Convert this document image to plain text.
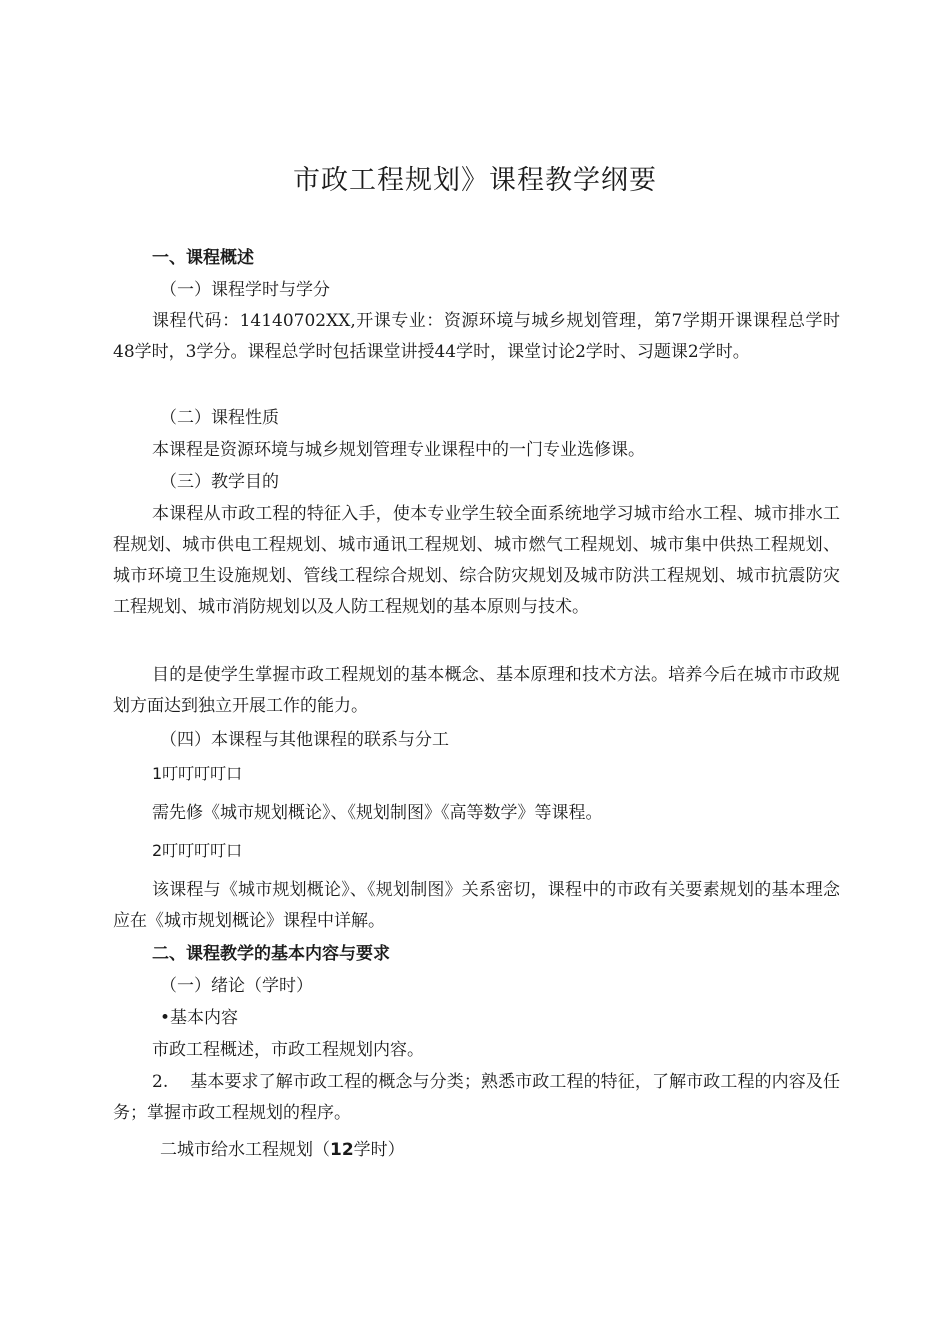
市政工程规划》课程教学纲要

一、课程概述

（一）课程学时与学分

课程代码：14140702XX,开课专业：资源环境与城乡规划管理，第7学期开课课程总学时48学时，3学分。课程总学时包括课堂讲授44学时，课堂讨论2学时、习题课2学时。

（二）课程性质

本课程是资源环境与城乡规划管理专业课程中的一门专业选修课。

（三）教学目的

本课程从市政工程的特征入手，使本专业学生较全面系统地学习城市给水工程、城市排水工程规划、城市供电工程规划、城市通讯工程规划、城市燃气工程规划、城市集中供热工程规划、城市环境卫生设施规划、管线工程综合规划、综合防灾规划及城市防洪工程规划、城市抗震防灾工程规划、城市消防规划以及人防工程规划的基本原则与技术。

目的是使学生掌握市政工程规划的基本概念、基本原理和技术方法。培养今后在城市市政规划方面达到独立开展工作的能力。

（四）本课程与其他课程的联系与分工

1叮叮叮叮口

需先修《城市规划概论》、《规划制图》《高等数学》等课程。

2叮叮叮叮口

该课程与《城市规划概论》、《规划制图》关系密切，课程中的市政有关要素规划的基本理念应在《城市规划概论》课程中详解。

二、课程教学的基本内容与要求

（一）绪论（学时）

•基本内容

市政工程概述，市政工程规划内容。

2.    基本要求了解市政工程的概念与分类；熟悉市政工程的特征，了解市政工程的内容及任务；掌握市政工程规划的程序。

二城市给水工程规划（12学时）
